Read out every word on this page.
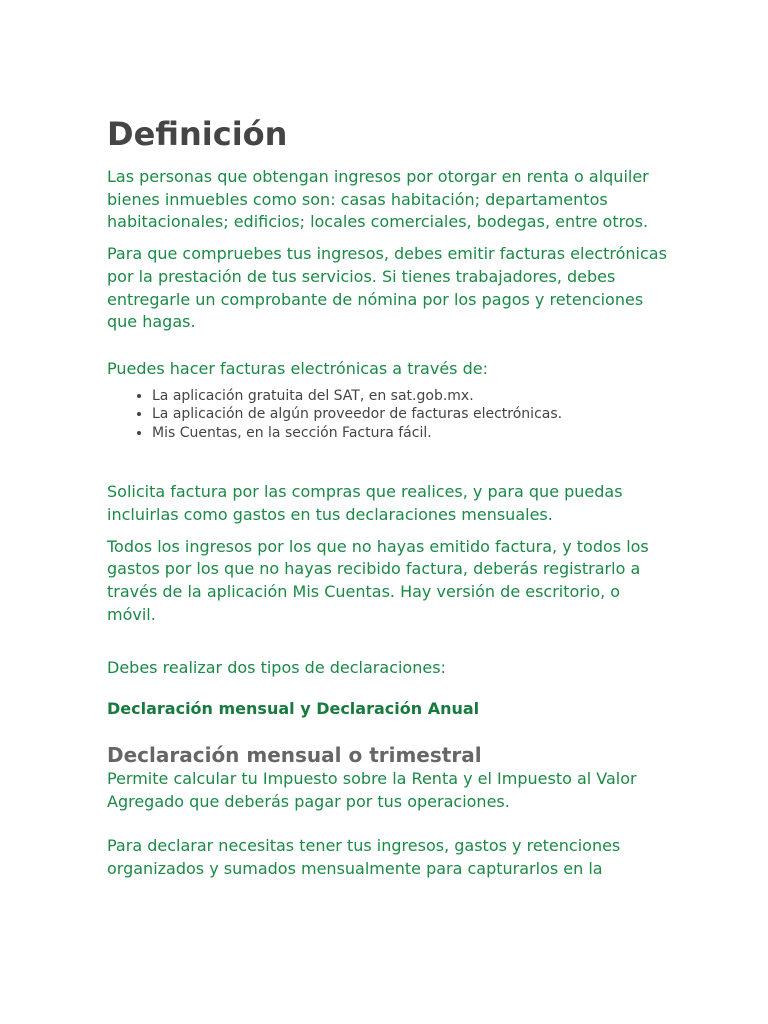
Definición

Las personas que obtengan ingresos por otorgar en renta o alquiler bienes inmuebles como son: casas habitación; departamentos habitacionales; edificios; locales comerciales, bodegas, entre otros.

Para que compruebes tus ingresos, debes emitir facturas electrónicas por la prestación de tus servicios. Si tienes trabajadores, debes entregarle un comprobante de nómina por los pagos y retenciones que hagas.

Puedes hacer facturas electrónicas a través de:

• La aplicación gratuita del SAT, en sat.gob.mx.
• La aplicación de algún proveedor de facturas electrónicas.
• Mis Cuentas, en la sección Factura fácil.

Solicita factura por las compras que realices, y para que puedas incluirlas como gastos en tus declaraciones mensuales.

Todos los ingresos por los que no hayas emitido factura, y todos los gastos por los que no hayas recibido factura, deberás registrarlo a través de la aplicación Mis Cuentas. Hay versión de escritorio, o móvil.

Debes realizar dos tipos de declaraciones:

Declaración mensual y Declaración Anual

Declaración mensual o trimestral

Permite calcular tu Impuesto sobre la Renta y el Impuesto al Valor Agregado que deberás pagar por tus operaciones.

Para declarar necesitas tener tus ingresos, gastos y retenciones organizados y sumados mensualmente para capturarlos en la
